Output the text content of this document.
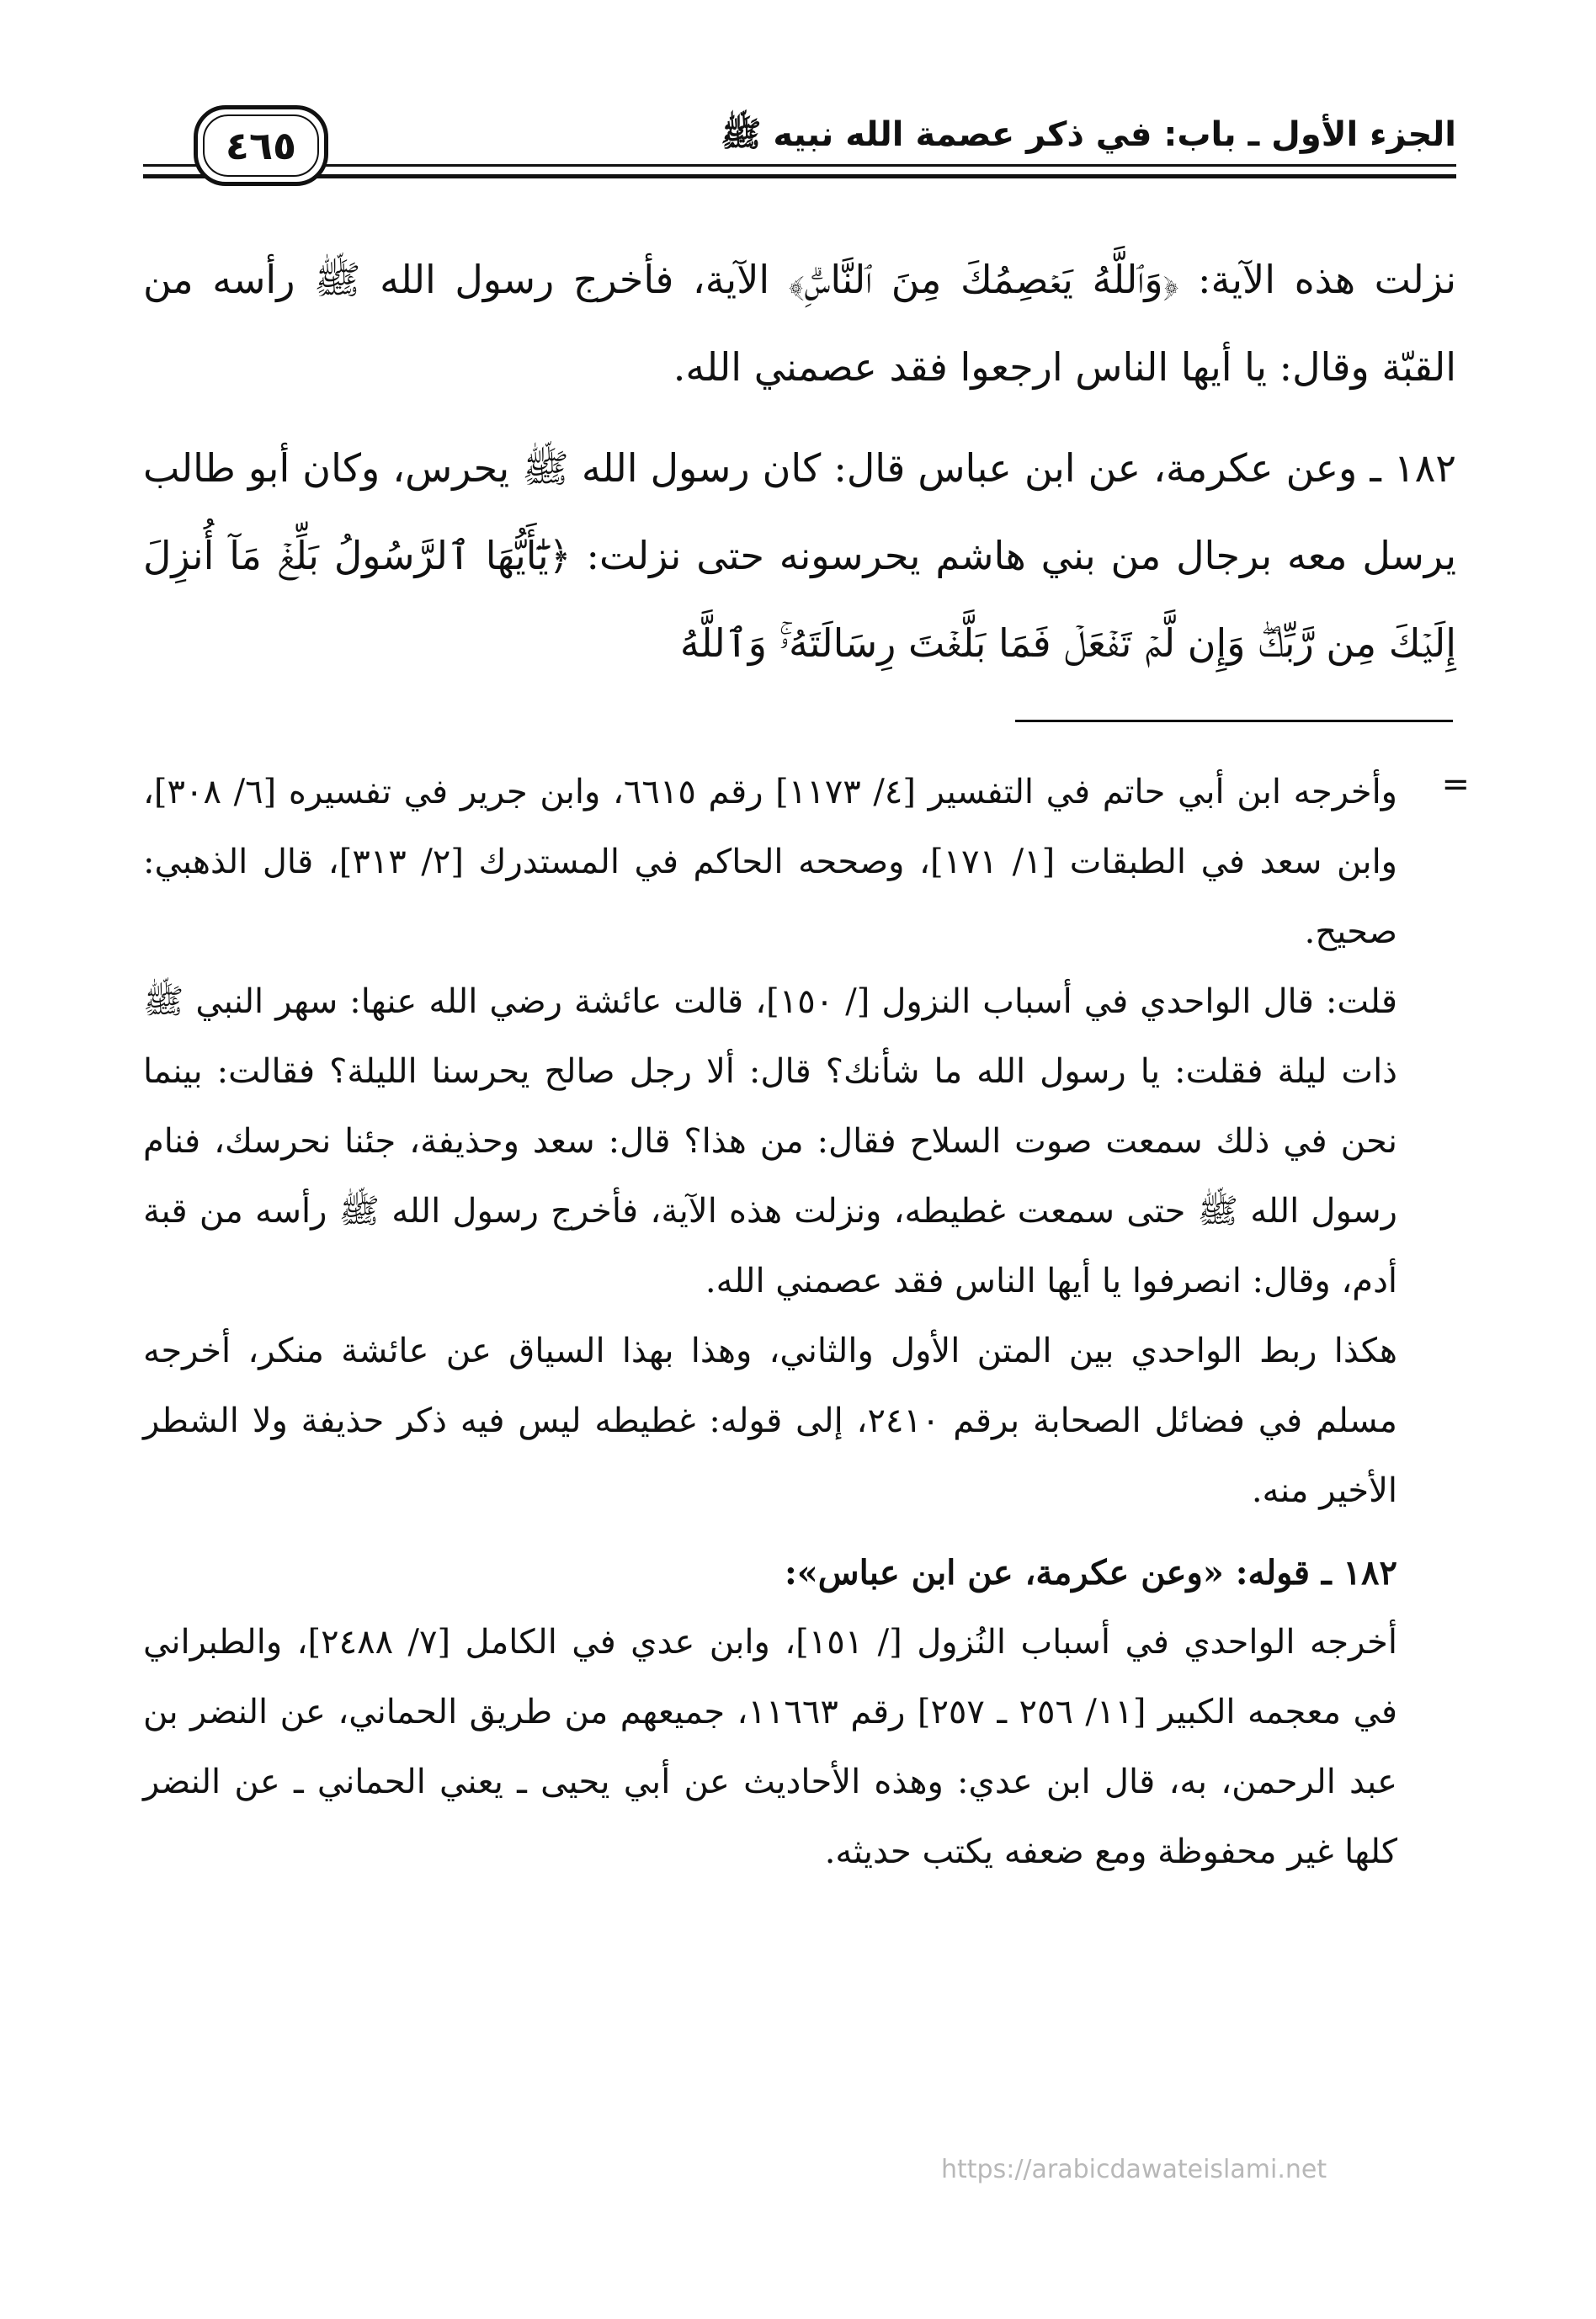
الجزء الأول ـ باب: في ذكر عصمة الله نبيه ﷺ
٤٦٥

نزلت هذه الآية: ﴿وَٱللَّهُ يَعۡصِمُكَ مِنَ ٱلنَّاسِۗ﴾ الآية، فأخرج رسول الله ﷺ رأسه من القبّة وقال: يا أيها الناس ارجعوا فقد عصمني الله.

١٨٢ ـ وعن عكرمة، عن ابن عباس قال: كان رسول الله ﷺ يحرس، وكان أبو طالب يرسل معه برجال من بني هاشم يحرسونه حتى نزلت: ﴿يَٰٓأَيُّهَا ٱلرَّسُولُ بَلِّغۡ مَآ أُنزِلَ إِلَيۡكَ مِن رَّبِّكَۖ وَإِن لَّمۡ تَفۡعَلۡ فَمَا بَلَّغۡتَ رِسَالَتَهُۥۚ وَٱللَّهُ

=

وأخرجه ابن أبي حاتم في التفسير [٤/ ١١٧٣] رقم ٦٦١٥، وابن جرير في تفسيره [٦/ ٣٠٨]، وابن سعد في الطبقات [١/ ١٧١]، وصححه الحاكم في المستدرك [٢/ ٣١٣]، قال الذهبي: صحيح.

قلت: قال الواحدي في أسباب النزول [/ ١٥٠]، قالت عائشة رضي الله عنها: سهر النبي ﷺ ذات ليلة فقلت: يا رسول الله ما شأنك؟ قال: ألا رجل صالح يحرسنا الليلة؟ فقالت: بينما نحن في ذلك سمعت صوت السلاح فقال: من هذا؟ قال: سعد وحذيفة، جئنا نحرسك، فنام رسول الله ﷺ حتى سمعت غطيطه، ونزلت هذه الآية، فأخرج رسول الله ﷺ رأسه من قبة أدم، وقال: انصرفوا يا أيها الناس فقد عصمني الله.

هكذا ربط الواحدي بين المتن الأول والثاني، وهذا بهذا السياق عن عائشة منكر، أخرجه مسلم في فضائل الصحابة برقم ٢٤١٠، إلى قوله: غطيطه ليس فيه ذكر حذيفة ولا الشطر الأخير منه.

١٨٢ ـ قوله: «وعن عكرمة، عن ابن عباس»:

أخرجه الواحدي في أسباب النُزول [/ ١٥١]، وابن عدي في الكامل [٧/ ٢٤٨٨]، والطبراني في معجمه الكبير [١١/ ٢٥٦ ـ ٢٥٧] رقم ١١٦٦٣، جميعهم من طريق الحماني، عن النضر بن عبد الرحمن، به، قال ابن عدي: وهذه الأحاديث عن أبي يحيى ـ يعني الحماني ـ عن النضر كلها غير محفوظة ومع ضعفه يكتب حديثه.

https://arabicdawateislami.net
